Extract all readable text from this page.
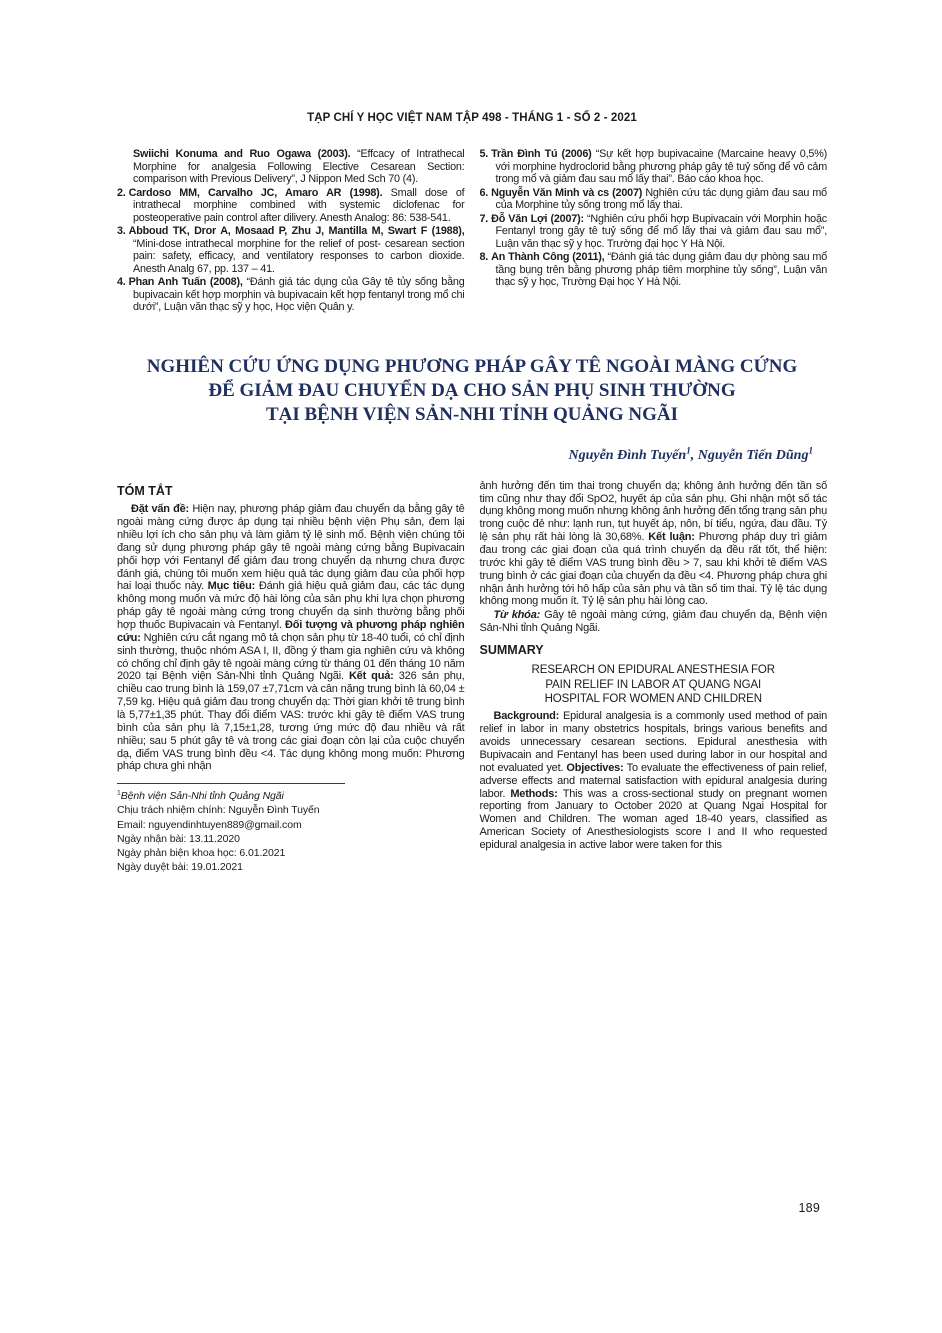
TẠP CHÍ Y HỌC VIỆT NAM TẬP 498 - THÁNG 1 - SỐ 2 - 2021
Swiichi Konuma and Ruo Ogawa (2003). “Effcacy of Intrathecal Morphine for analgesia Following Elective Cesarean Section: comparison with Previous Delivery”, J Nippon Med Sch 70 (4).
2. Cardoso MM, Carvalho JC, Amaro AR (1998). Small dose of intrathecal morphine combined with systemic diclofenac for posteoperative pain control after dilivery. Anesth Analog: 86: 538-541.
3. Abboud TK, Dror A, Mosaad P, Zhu J, Mantilla M, Swart F (1988), “Mini-dose intrathecal morphine for the relief of post- cesarean section pain: safety, efficacy, and ventilatory responses to carbon dioxide. Anesth Analg 67, pp. 137 – 41.
4. Phan Anh Tuấn (2008), “Đánh giá tác dụng của Gây tê tủy sống bằng bupivacain kết hợp morphin và bupivacain kết hợp fentanyl trong mổ chi dưới”, Luận văn thạc sỹ y học, Học viện Quân y.
5. Trần Đình Tú (2006) “Sự kết hợp bupivacaine (Marcaine heavy 0,5%) với morphine hydroclorid bằng phương pháp gây tê tuỷ sống để vô cảm trong mổ và giảm đau sau mổ lấy thai”. Báo cáo khoa học.
6. Nguyễn Văn Minh và cs (2007) Nghiên cứu tác dụng giảm đau sau mổ của Morphine tủy sống trong mổ lấy thai.
7. Đỗ Văn Lợi (2007): “Nghiên cứu phối hợp Bupivacain với Morphin hoặc Fentanyl trong gây tê tuỷ sống để mổ lấy thai và giảm đau sau mổ”, Luận văn thạc sỹ y học. Trường đại học Y Hà Nội.
8. An Thành Công (2011), “Đánh giá tác dụng giảm đau dự phòng sau mổ tầng bụng trên bằng phương pháp tiêm morphine tủy sống”, Luận văn thạc sỹ y học, Trường Đại học Y Hà Nội.
NGHIÊN CỨU ỨNG DỤNG PHƯƠNG PHÁP GÂY TÊ NGOÀI MÀNG CỨNG
ĐỂ GIẢM ĐAU CHUYỂN DẠ CHO SẢN PHỤ SINH THƯỜNG
TẠI BỆNH VIỆN SẢN-NHI TỈNH QUẢNG NGÃI
Nguyễn Đình Tuyến$^1$, Nguyễn Tiến Dũng$^1$
TÓM TẮT

Đặt vấn đề: Hiện nay, phương pháp giảm đau chuyển dạ bằng gây tê ngoài màng cứng được áp dụng tại nhiều bệnh viện Phụ sản, đem lại nhiều lợi ích cho sản phụ và làm giảm tỷ lệ sinh mổ. Bệnh viện chúng tôi đang sử dụng phương pháp gây tê ngoài màng cứng bằng Bupivacain phối hợp với Fentanyl để giảm đau trong chuyển dạ nhưng chưa được đánh giá, chúng tôi muốn xem hiệu quả tác dụng giảm đau của phối hợp hai loại thuốc này. Mục tiêu: Đánh giá hiệu quả giảm đau, các tác dụng không mong muốn và mức độ hài lòng của sản phụ khi lựa chọn phương pháp gây tê ngoài màng cứng trong chuyển dạ sinh thường bằng phối hợp thuốc Bupivacain và Fentanyl. Đối tượng và phương pháp nghiên cứu: Nghiên cứu cắt ngang mô tả chọn sản phụ từ 18-40 tuổi, có chỉ định sinh thường, thuộc nhóm ASA I, II, đồng ý tham gia nghiên cứu và không có chống chỉ định gây tê ngoài màng cứng từ tháng 01 đến tháng 10 năm 2020 tại Bệnh viện Sản-Nhi tỉnh Quảng Ngãi. Kết quả: 326 sản phụ, chiều cao trung bình là 159,07 ±7,71cm và cân nặng trung bình là 60,04 ± 7,59 kg. Hiệu quả giảm đau trong chuyển dạ: Thời gian khởi tê trung bình là 5,77±1,35 phút. Thay đổi điểm VAS: trước khi gây tê điểm VAS trung bình của sản phụ là 7,15±1,28, tương ứng mức độ đau nhiều và rất nhiều; sau 5 phút gây tê và trong các giai đoạn còn lại của cuộc chuyển dạ, điểm VAS trung bình đều <4. Tác dụng không mong muốn: Phương pháp chưa ghi nhận

$^1$Bệnh viện Sản-Nhi tỉnh Quảng Ngãi
Chịu trách nhiệm chính: Nguyễn Đình Tuyến
Email: nguyendinhtuyen889@gmail.com
Ngày nhận bài: 13.11.2020
Ngày phản biện khoa học: 6.01.2021
Ngày duyệt bài: 19.01.2021

ảnh hưởng đến tim thai trong chuyển dạ; không ảnh hưởng đến tần số tim cũng như thay đổi SpO2, huyết áp của sản phụ. Ghi nhận một số tác dụng không mong muốn nhưng không ảnh hưởng đến tổng trạng sản phụ trong cuộc đẻ như: lạnh run, tụt huyết áp, nôn, bí tiểu, ngứa, đau đầu. Tỷ lệ sản phụ rất hài lòng là 30,68%. Kết luận: Phương pháp duy trì giảm đau trong các giai đoạn của quá trình chuyển dạ đều rất tốt, thể hiện: trước khi gây tê điểm VAS trung bình đều > 7, sau khi khởi tê điểm VAS trung bình ở các giai đoạn của chuyển dạ đều <4. Phương pháp chưa ghi nhận ảnh hưởng tới hô hấp của sản phụ và tần số tim thai. Tỷ lệ tác dụng không mong muốn ít. Tỷ lệ sản phụ hài lòng cao.

Từ khóa: Gây tê ngoài màng cứng, giảm đau chuyển dạ, Bệnh viện Sản-Nhi tỉnh Quảng Ngãi.

SUMMARY
RESEARCH ON EPIDURAL ANESTHESIA FOR
PAIN RELIEF IN LABOR AT QUANG NGAI
HOSPITAL FOR WOMEN AND CHILDREN

Background: Epidural analgesia is a commonly used method of pain relief in labor in many obstetrics hospitals, brings various benefits and avoids unnecessary cesarean sections. Epidural anesthesia with Bupivacain and Fentanyl has been used during labor in our hospital and not evaluated yet. Objectives: To evaluate the effectiveness of pain relief, adverse effects and maternal satisfaction with epidural analgesia during labor. Methods: This was a cross-sectional study on pregnant women reporting from January to October 2020 at Quang Ngai Hospital for Women and Children. The woman aged 18-40 years, classified as American Society of Anesthesiologists score I and II who requested epidural analgesia in active labor were taken for this

189
